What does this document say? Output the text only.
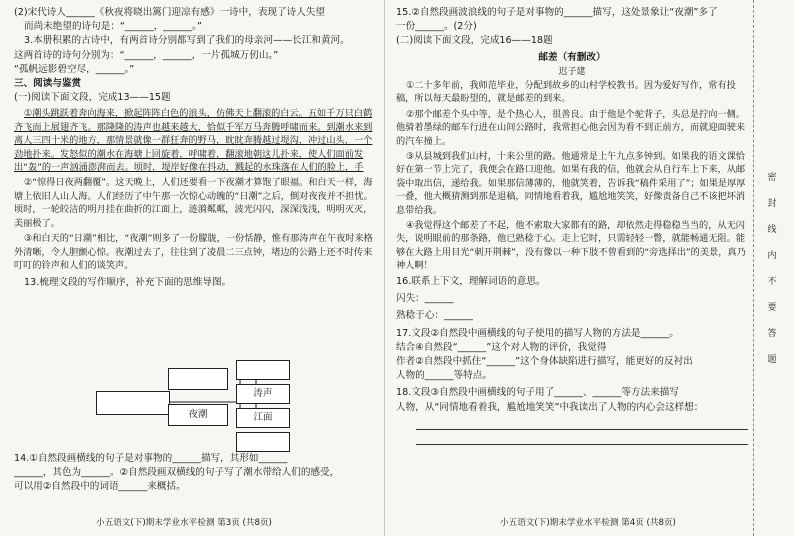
(2)宋代诗人______《秋夜将晓出篱门迎凉有感》一诗中，表现了诗人失望
而尚未绝望的诗句是：“______，______。”
3.本册积累的古诗中，有两首诗分别都写到了我们的母亲河——长江和黄河。
这两首诗的诗句分别为：“______，______，一片孤城万仞山。”
“孤帆远影碧空尽，______。”
三、阅读与鉴赏
(一)阅读下面文段，完成13——15题
①潮头跳跃着奔向海来，掀起阵阵白色的浪头，仿佛天上翻滚的白云。五如千万只白鹤齐飞而上展翅齐飞。那隆隆的涛声也越来越大，恰似千军万马奔腾呼啸而来。到潮水来到离人三四十米的地方，那情景就像一群狂奔的野马，眈眈奔腾越过堤沟，冲过山头，一个劲地扑来。发怒似的潮水在海塘上回旋着，呼啸着，翻滚地朝这儿扑来，使人们面前发出“轰”的一声汹涌澎湃而去。顷时，堤岸好像在抖动，溅起的水珠落在人们的脸上，手
②“惊得日夜两翻覆”。这天晚上，人们还要看一下夜潮才算饱了眼福。和白天一样，海塘上依旧人山人海。人们经历了中午那一次惊心动魄的“日潮”之后，倒对夜夜并不担忧。顷时，一轮皎洁的明月挂在曲折的江面上，涟漪粼粼，波光闪闪，深深浅浅，明明灭灭，美丽极了。
③和白天的“日潮”相比，“夜潮”则多了一份朦胧，一份恬静，惟有那涛声在午夜时来格外清晰，令人胆颤心惊。夜潮过去了，往往到了凌晨二三点钟，堵边的公路上还不时传来叮叮的铃声和人们的谈笑声。
13.梳理文段的写作顺序，补充下面的思维导图。
夜潮
涛声
江面
14.①自然段画横线的句子是对事物的______描写，其形如______
______，其色为______。②自然段画双横线的句子写了潮水带给人们的感受，
可以用②自然段中的词语______来概括。
小五语文(下)期末学业水平检测 第3页 (共8页)
15.②自然段画波浪线的句子是对事物的______描写，这处景象让“夜潮”多了
一份______。(2分)
(二)阅读下面文段，完成16——18题
邮差（有删改）
迟子建
①二十多年前，我师范毕业，分配到故乡的山村学校教书。因为爱好写作，常有投稿，所以每天最盼望的，就是邮差的到来。
②那个邮差个头中等，是个热心人，很善良。由于他是个驼背子，头总是拧向一侧。他骑着墨绿的邮车行进在山间公路时，我常担心他会因为看不到正前方，而就迎面驶来的汽车撞上。
③从县城到我们山村，十来公里的路。他通常是上午九点多钟到。如果我的语文课恰好在第一节上完了，我便会在路口迎他。如果有我的信，他就会从自行车上下来，从邮袋中取出信，递给我。如果那信薄薄的，他就笑着，告诉我“稿件采用了”；如果是厚厚一叠，他大概猜测到那是退稿，同情地看着我，尴尬地笑笑，好像责备自己不该把坏消息带给我。
④我觉得这个邮差了不起，他不索取大家都有的路，却依然走得稳稳当当的，从无闪失，说明眼前的那条路，他已熟稔于心。走上它时，只需轻轻一瞥，就能畅通无阻。能够在大路上用目光“刺开荆棘”，没有像以一种下肢不曾看到的“旁选择出”的美景，真乃神人啊！
16.联系上下文，理解词语的意思。
闪失：______
熟稔于心：______
17.文段②自然段中画横线的句子使用的描写人物的方法是______。
结合④自然段“______”这个对人物的评价，我觉得
作者②自然段中抓住“______”这个身体缺陷进行描写，能更好的反衬出
人物的______等特点。
18.文段③自然段中画横线的句子用了______、______等方法来描写
人物，从“同情地看着我，尴尬地笑笑”中我读出了人物的内心会这样想：
小五语文(下)期末学业水平检测 第4页 (共8页)
密
封
线
内
不
要
答
题
